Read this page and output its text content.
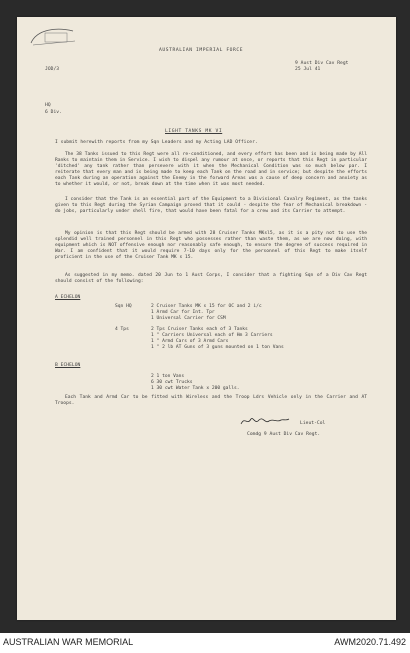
AUSTRALIAN IMPERIAL FORCE
JOD/3
9 Aust Div Cav Regt
25 Jul 41
HQ
6 Div.
LIGHT TANKS MK VI
I submit herewith reports from my Sqn Leaders and my Acting LAD Officer.
The 38 Tanks issued to this Regt were all re-conditioned, and every effort has been and is being made by All Ranks to maintain them in Service. I wish to dispel any rumour at once, or reports that this Regt in particular 'ditched' any tank rather than persevere with it when the Mechanical Condition was so much below par. I reiterate that every man and is being made to keep each Tank on the road and in service; but despite the efforts each Tank during an operation against the Enemy in the forward Areas was a cause of deep concern and anxiety as to whether it would, or not, break down at the time when it was most needed.
I consider that the Tank is an essential part of the Equipment to a Divisional Cavalry Regiment, as the tanks given to this Regt during the Syrian Campaign proved that it could - despite the fear of Mechanical breakdown - do jobs, particularly under shell fire, that would have been fatal for a crew and its Carrier to attempt.
My opinion is that this Regt should be armed with 28 Cruiser Tanks MKsl5, as it is a pity not to use the splendid well trained personnel in this Regt who possesses rather than waste them, as we are now doing, with equipment which is NOT offensive enough nor reasonably safe enough, to ensure the degree of success required in War. I am confident that it would require 7-10 days only for the personnel of this Regt to make itself proficient in the use of the Cruiser Tank MK s 15.
As suggested in my memo. dated 20 Jun to 1 Aust Corps, I consider that a fighting Sqn of a Div Cav Regt should consist of the following:
A ECHELON
Sqn HQ	2 Cruiser Tanks MK s 15 for OC and 2 i/c
1 Armd Car for Int. Tpr
1 Universal Carrier for CSM
4 Tps	2 Tps Cruiser Tanks each of 3 Tanks
1 " Carriers Universal each of Hm 3 Carriers
1 " Armd Cars of 3 Armd Cars
1 " 2 lb AT Guns of 3 guns mounted on 1 ton Vans
B ECHELON
2 1 ton Vans
6 30 cwt Trucks
1 30 cwt Water Tank x 200 galls.
Each Tank and Armd Car to be fitted with Wireless and the Troop Ldrs Vehicle only in the Carrier and AT Troops.
Lieut-Col
Comdg 9 Aust Div Cav Regt.
AUSTRALIAN WAR MEMORIAL	AWM2020.71.492
